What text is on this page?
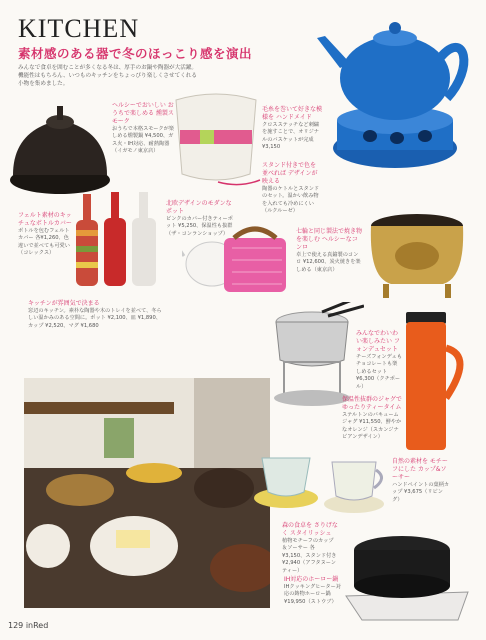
KITCHEN
素材感のある器で冬のほっこり感を演出
みんなで食卓を囲むことが多くなる冬は、厚手のお鍋や陶器が大活躍。機能性はもちろん、いつものキッチンをちょっぴり楽しくさせてくれる小物を集めました。
ヘルシーでおいしい おうちで楽しめる 燻製スモーク
おうちで本格スモークが楽しめる燻製鍋 ¥4,500、ガス火・IH対応、耐熱陶器（イガモノ東京店）
毛糸を巻いて好きな模様を ハンドメイド
クロスステッチなど刺繍を施すことで、オリジナルのバスケットが完成 ¥3,150
スタンド付きで色を並べれば デザインが映える
陶器のケトルとスタンドのセット。温かい飲み物を入れても冷めにくい（ルクルーゼ）
フェルト素材のキッチュなボトルカバー
ボトルを包むフェルトカバー 各¥1,260、色違いで並べても可愛い（コレックス）
北欧デザインのモダンなポット
ピンクのカバー付きティーポット ¥5,250、保温性も抜群（ザ・コンランショップ）	七輪と同じ製法で焼き物を楽しむ ヘルシーなコンロ
卓上で使える真鍮製のコンロ ¥12,600、炭火焼きを楽しめる（東京店）
キッチンが雰囲気で決まる
窓辺のキッチン。素朴な陶器や木のトレイを並べて、冬らしい温かみのある空間に。ポット ¥2,100、皿 ¥1,890、カップ ¥2,520、マグ ¥1,680
みんなでわいわい楽しみたい フォンデュセット
チーズフォンデュもチョコレートも楽しめるセット ¥6,300（クチポール）
保温性抜群のジャグで ゆったりティータイム
ステルトンのバキュームジャグ ¥11,550、鮮やかなオレンジ（スカンジナビアンデザイン）
自然の素材を モチーフにした カップ&ソーサー
ハンドペイントの葉柄カップ ¥3,675（リビング）
森の食卓を さりげなく スタイリッシュ
植物モチーフのカップ＆ソーサー 各¥3,150、スタンド付き ¥2,940（アフタヌーンティー）
IH対応のホーロー鍋
IHクッキングヒーター対応の鋳物ホーロー鍋 ¥19,950（ストウブ）
129 inRed
